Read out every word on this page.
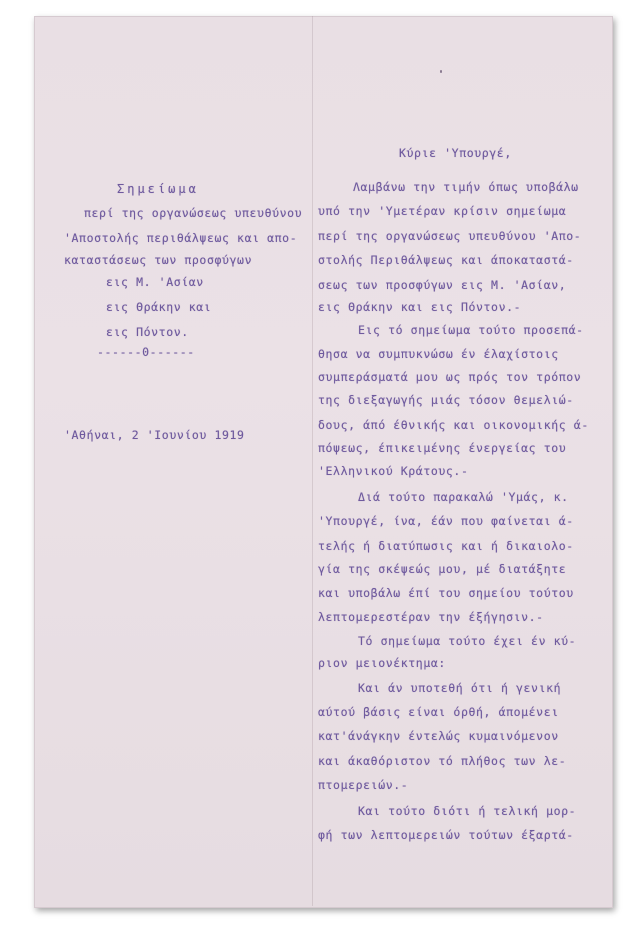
Σημείωμα
περί της οργανώσεως υπευθύνου
'Αποστολής περιθάλψεως και απο-
καταστάσεως των προσφύγων
εις Μ. 'Ασίαν
εις Θράκην και
εις Πόντον.
------0------
'Αθήναι, 2 'Ιουνίου 1919
Κύριε 'Υπουργέ,
Λαμβάνω την τιμήν όπως υποβάλω
υπό την 'Υμετέραν κρίσιν σημείωμα
περί της οργανώσεως υπευθύνου 'Απο-
στολής Περιθάλψεως και άποκαταστά-
σεως των προσφύγων εις Μ. 'Ασίαν,
εις Θράκην και εις Πόντον.-
Εις τό σημείωμα τούτο προσεπά-
θησα να συμπυκνώσω έν έλαχίστοις
συμπεράσματά μου ως πρός τον τρόπον
της διεξαγωγής μιάς τόσον θεμελιώ-
δους, άπό έθνικής και οικονομικής ά-
πόψεως, έπικειμένης ένεργείας του
'Ελληνικού Κράτους.-
Διά τούτο παρακαλώ 'Υμάς, κ.
'Υπουργέ, ίνα, έάν που φαίνεται ά-
τελής ή διατύπωσις και ή δικαιολο-
γία της σκέψεώς μου, μέ διατάξητε
και υποβάλω έπί του σημείου τούτου
λεπτομερεστέραν την έξήγησιν.-
Τό σημείωμα τούτο έχει έν κύ-
ριον μειονέκτημα:
Και άν υποτεθή ότι ή γενική
αύτού βάσις είναι όρθή, άπομένει
κατ'άνάγκην έντελώς κυμαινόμενον
και άκαθόριστον τό πλήθος των λε-
πτομερειών.-
Και τούτο διότι ή τελική μορ-
φή των λεπτομερειών τούτων έξαρτά-
